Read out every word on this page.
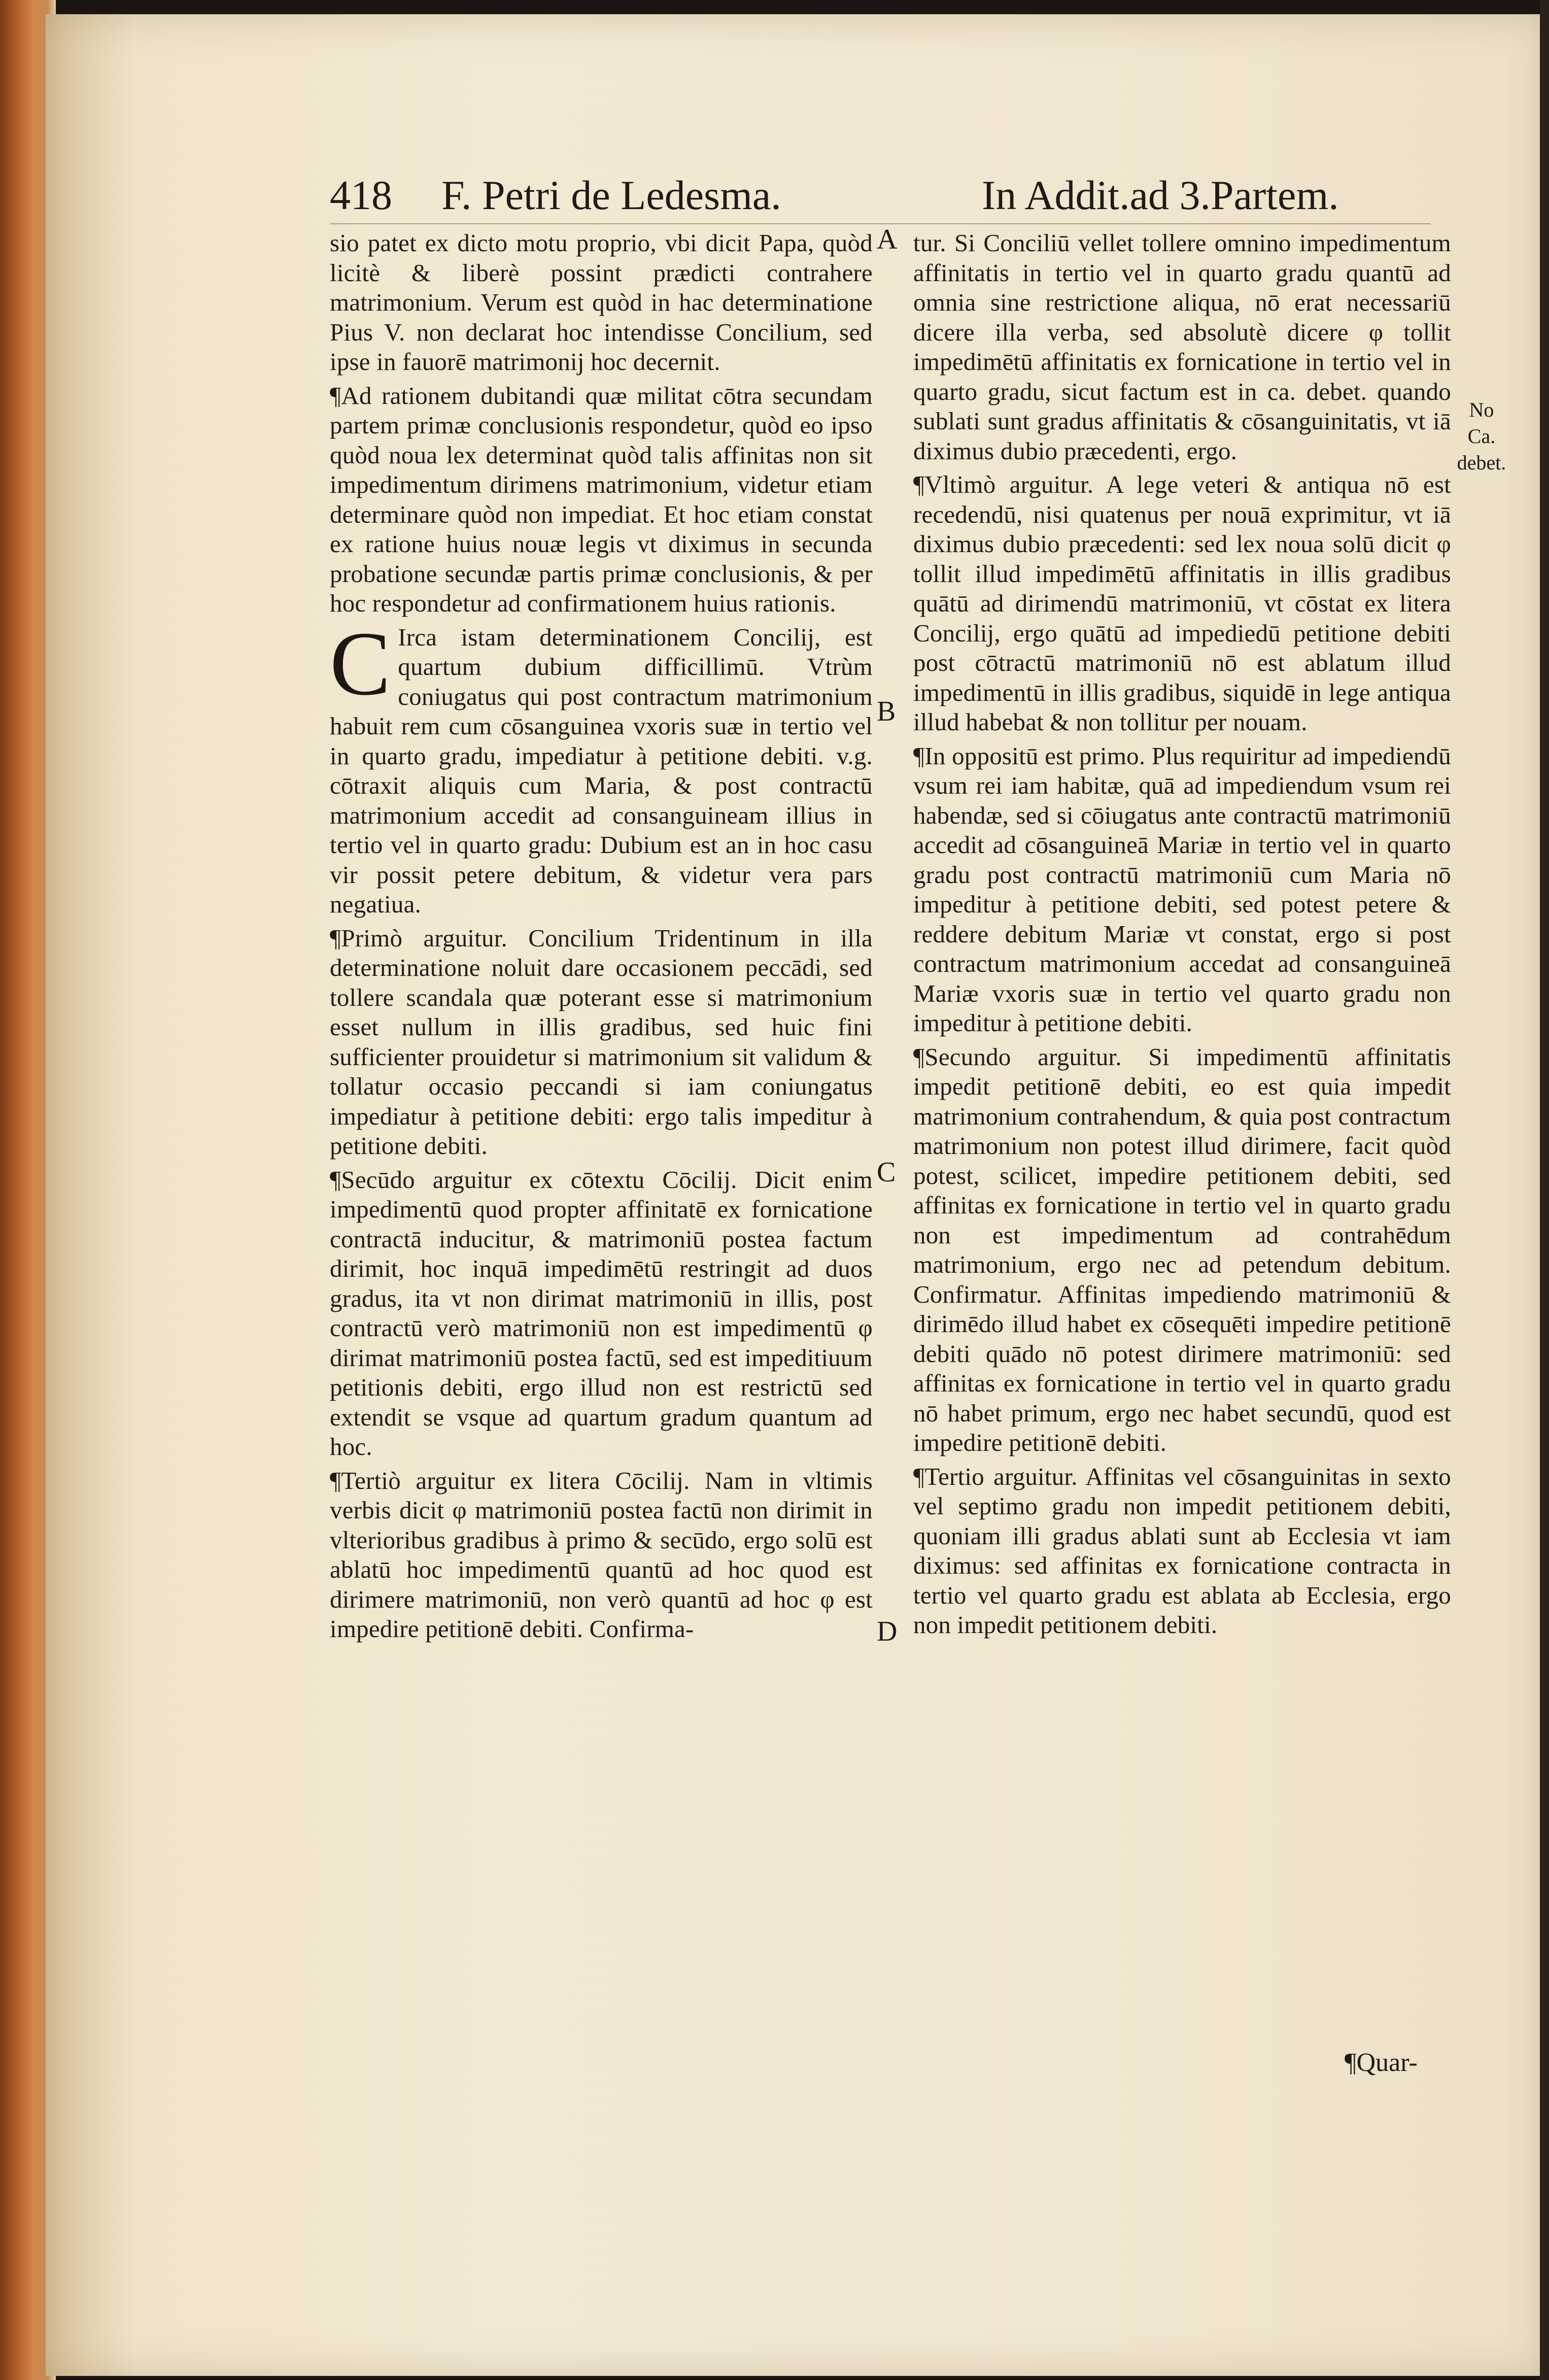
418 F. Petri de Ledesma.	In Addit.ad 3.Partem.
A
B
C
D
No
Ca. debet.

sio patet ex dicto motu proprio, vbi dicit Papa, quòd licitè & liberè possint prædicti contrahere matrimonium. Verum est quòd in hac determinatione Pius V. non declarat hoc intendisse Concilium, sed ipse in fauorē matrimonij hoc decernit.

¶Ad rationem dubitandi quæ militat cōtra secundam partem primæ conclusionis respondetur, quòd eo ipso quòd noua lex determinat quòd talis affinitas non sit impedimentum dirimens matrimonium, videtur etiam determinare quòd non impediat. Et hoc etiam constat ex ratione huius nouæ legis vt diximus in secunda probatione secundæ partis primæ conclusionis, & per hoc respondetur ad confirmationem huius rationis.

C Irca istam determinationem Concilij, est quartum dubium difficillimū. Vtrùm coniugatus qui post contractum matrimonium habuit rem cum cōsanguinea vxoris suæ in tertio vel in quarto gradu, impediatur à petitione debiti. v.g. cōtraxit aliquis cum Maria, & post contractū matrimonium accedit ad consanguineam illius in tertio vel in quarto gradu: Dubium est an in hoc casu vir possit petere debitum, & videtur vera pars negatiua.

¶Primò arguitur. Concilium Tridentinum in illa determinatione noluit dare occasionem peccādi, sed tollere scandala quæ poterant esse si matrimonium esset nullum in illis gradibus, sed huic fini sufficienter prouidetur si matrimonium sit validum & tollatur occasio peccandi si iam coniungatus impediatur à petitione debiti: ergo talis impeditur à petitione debiti.

¶Secūdo arguitur ex cōtextu Cōcilij. Dicit enim impedimentū quod propter affinitatē ex fornicatione contractā inducitur, & matrimoniū postea factum dirimit, hoc inquā impedimētū restringit ad duos gradus, ita vt non dirimat matrimoniū in illis, post contractū verò matrimoniū non est impedimentū φ dirimat matrimoniū postea factū, sed est impeditiuum petitionis debiti, ergo illud non est restrictū sed extendit se vsque ad quartum gradum quantum ad hoc.

¶Tertiò arguitur ex litera Cōcilij. Nam in vltimis verbis dicit φ matrimoniū postea factū non dirimit in vlterioribus gradibus à primo & secūdo, ergo solū est ablatū hoc impedimentū quantū ad hoc quod est dirimere matrimoniū, non verò quantū ad hoc φ est impedire petitionē debiti. Confirma-

tur. Si Conciliū vellet tollere omnino impedimentum affinitatis in tertio vel in quarto gradu quantū ad omnia sine restrictione aliqua, nō erat necessariū dicere illa verba, sed absolutè dicere φ tollit impedimētū affinitatis ex fornicatione in tertio vel in quarto gradu, sicut factum est in ca. debet. quando sublati sunt gradus affinitatis & cōsanguinitatis, vt iā diximus dubio præcedenti, ergo.

¶Vltimò arguitur. A lege veteri & antiqua nō est recedendū, nisi quatenus per nouā exprimitur, vt iā diximus dubio præcedenti: sed lex noua solū dicit φ tollit illud impedimētū affinitatis in illis gradibus quātū ad dirimendū matrimoniū, vt cōstat ex litera Concilij, ergo quātū ad impediedū petitione debiti post cōtractū matrimoniū nō est ablatum illud impedimentū in illis gradibus, siquidē in lege antiqua illud habebat & non tollitur per nouam.

¶In oppositū est primo. Plus requiritur ad impediendū vsum rei iam habitæ, quā ad impediendum vsum rei habendæ, sed si cōiugatus ante contractū matrimoniū accedit ad cōsanguineā Mariæ in tertio vel in quarto gradu post contractū matrimoniū cum Maria nō impeditur à petitione debiti, sed potest petere & reddere debitum Mariæ vt constat, ergo si post contractum matrimonium accedat ad consanguineā Mariæ vxoris suæ in tertio vel quarto gradu non impeditur à petitione debiti.

¶Secundo arguitur. Si impedimentū affinitatis impedit petitionē debiti, eo est quia impedit matrimonium contrahendum, & quia post contractum matrimonium non potest illud dirimere, facit quòd potest, scilicet, impedire petitionem debiti, sed affinitas ex fornicatione in tertio vel in quarto gradu non est impedimentum ad contrahēdum matrimonium, ergo nec ad petendum debitum. Confirmatur. Affinitas impediendo matrimoniū & dirimēdo illud habet ex cōsequēti impedire petitionē debiti quādo nō potest dirimere matrimoniū: sed affinitas ex fornicatione in tertio vel in quarto gradu nō habet primum, ergo nec habet secundū, quod est impedire petitionē debiti.

¶Tertio arguitur. Affinitas vel cōsanguinitas in sexto vel septimo gradu non impedit petitionem debiti, quoniam illi gradus ablati sunt ab Ecclesia vt iam diximus: sed affinitas ex fornicatione contracta in tertio vel quarto gradu est ablata ab Ecclesia, ergo non impedit petitionem debiti.

¶Quar-
